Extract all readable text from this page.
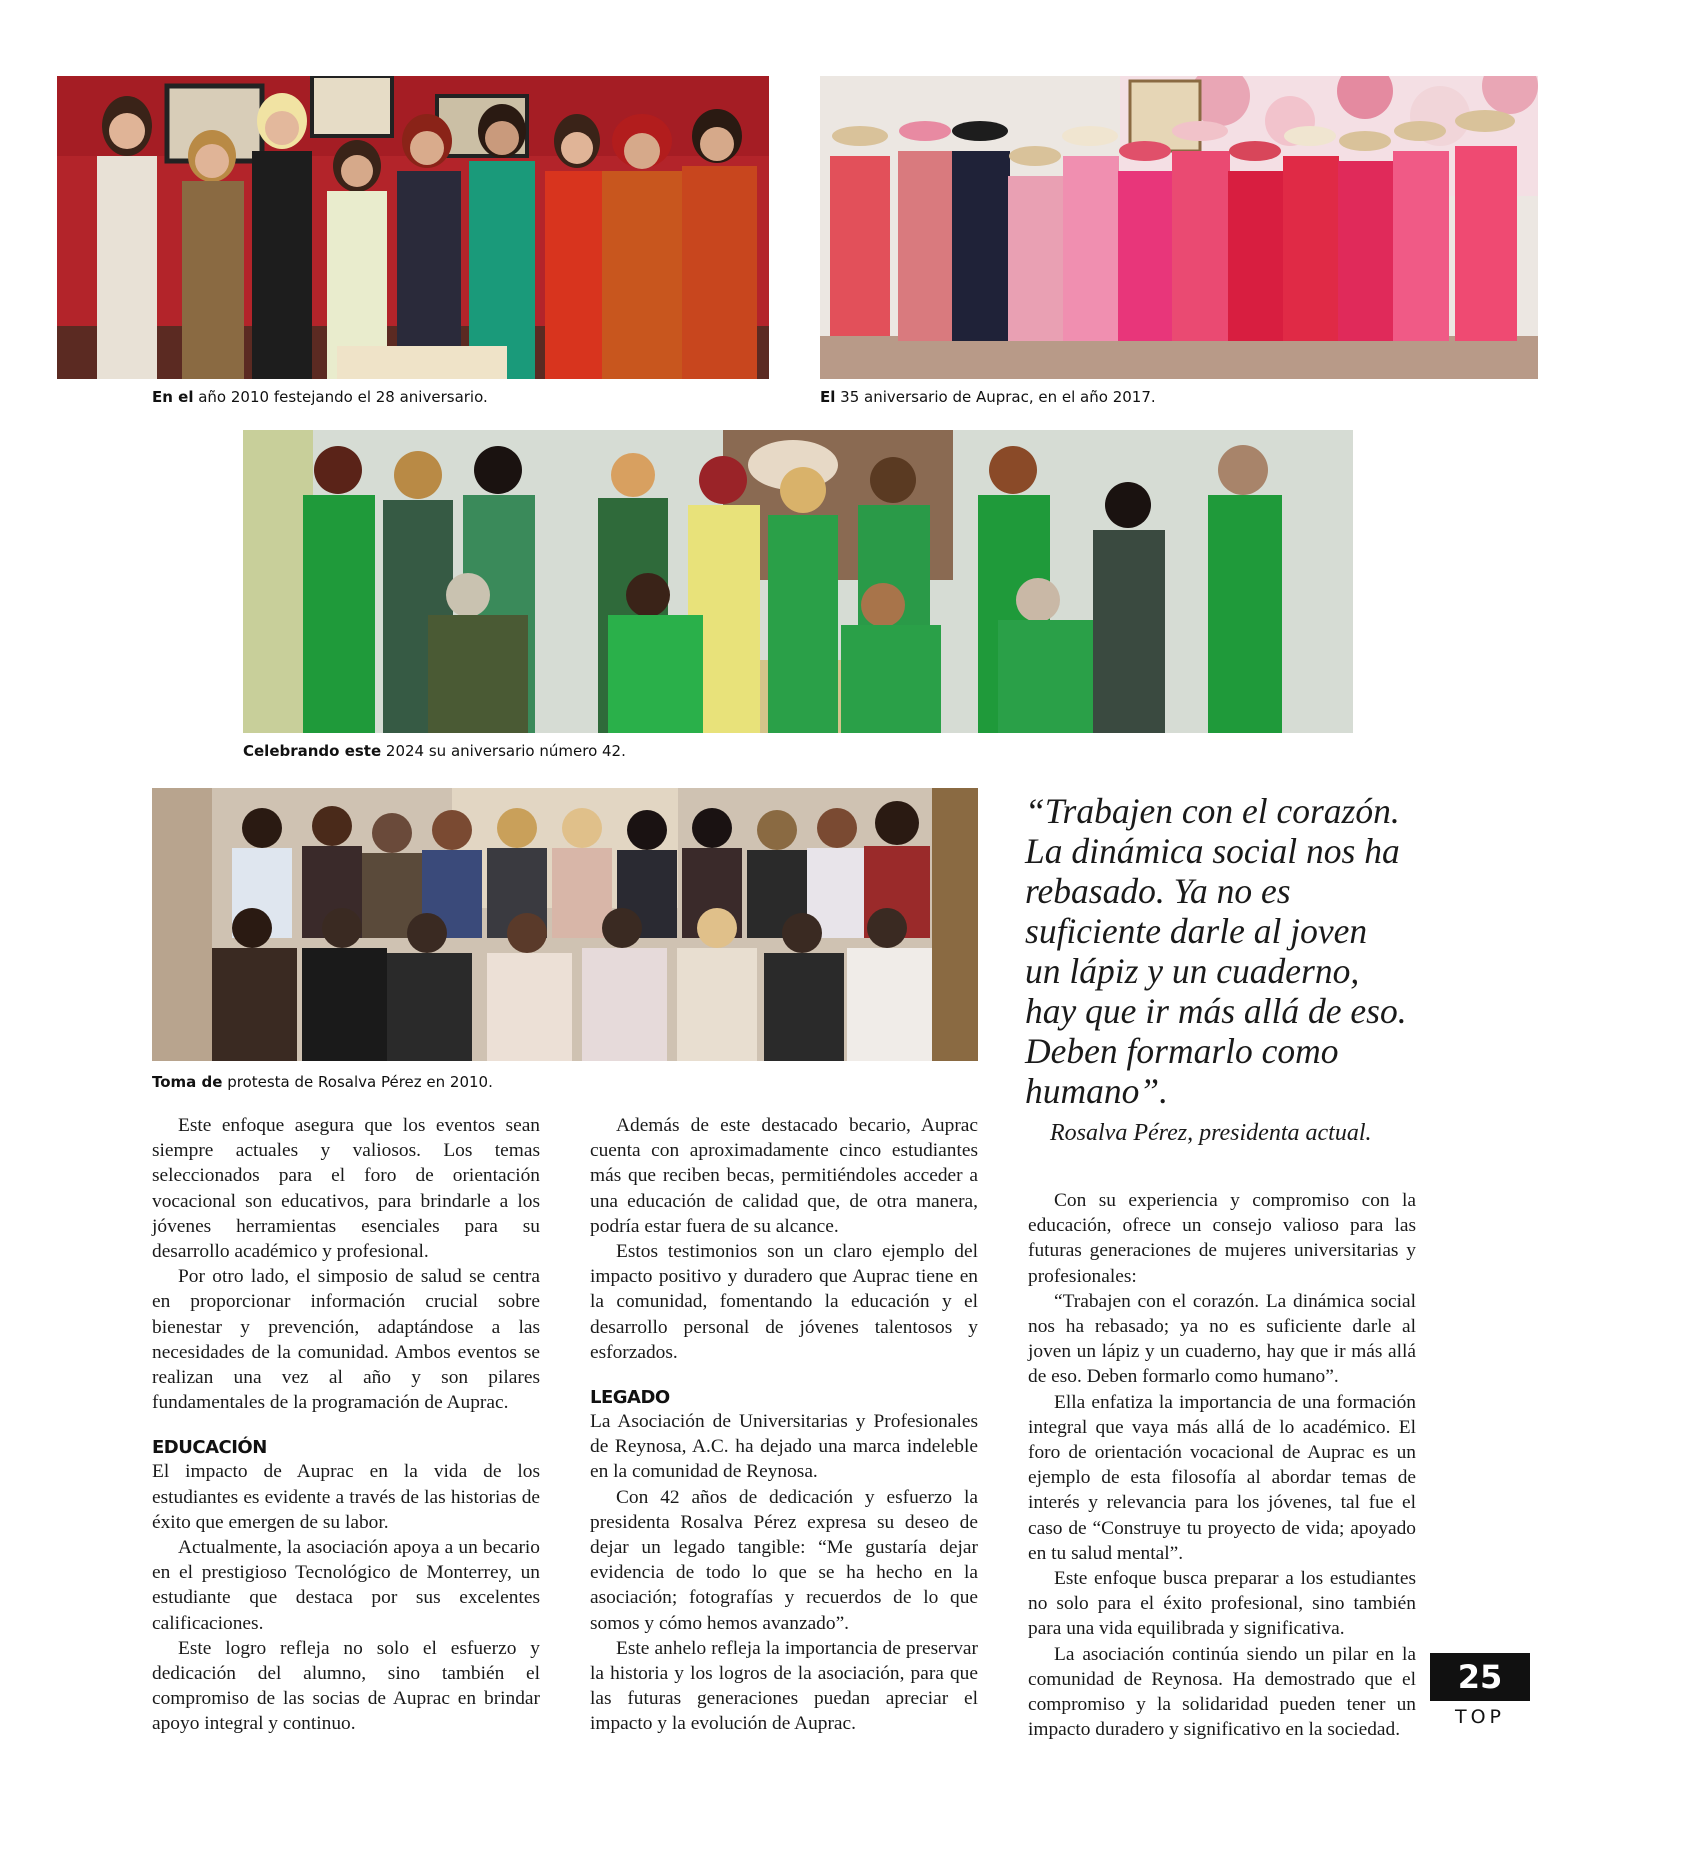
En el año 2010 festejando el 28 aniversario.	El 35 aniversario de Auprac, en el año 2017.
Celebrando este 2024 su aniversario número 42.
Toma de protesta de Rosalva Pérez en 2010.
“Trabajen con el corazón. La dinámica social nos ha rebasado. Ya no es suficiente darle al joven un lápiz y un cuaderno, hay que ir más allá de eso. Deben formarlo como humano”.
Rosalva Pérez, presidenta actual.

Este enfoque asegura que los eventos sean siempre actuales y valiosos. Los temas seleccionados para el foro de orientación vocacional son educativos, para brindarle a los jóvenes herramientas esenciales para su desarrollo académico y profesional.

Por otro lado, el simposio de salud se centra en proporcionar información crucial sobre bienestar y prevención, adaptándose a las necesidades de la comunidad. Ambos eventos se realizan una vez al año y son pilares fundamentales de la programación de Auprac.

EDUCACIÓN

El impacto de Auprac en la vida de los estudiantes es evidente a través de las historias de éxito que emergen de su labor.

Actualmente, la asociación apoya a un becario en el prestigioso Tecnológico de Monterrey, un estudiante que destaca por sus excelentes calificaciones.

Este logro refleja no solo el esfuerzo y dedicación del alumno, sino también el compromiso de las socias de Auprac en brindar apoyo integral y continuo.

Además de este destacado becario, Auprac cuenta con aproximadamente cinco estudiantes más que reciben becas, permitiéndoles acceder a una educación de calidad que, de otra manera, podría estar fuera de su alcance.

Estos testimonios son un claro ejemplo del impacto positivo y duradero que Auprac tiene en la comunidad, fomentando la educación y el desarrollo personal de jóvenes talentosos y esforzados.

LEGADO

La Asociación de Universitarias y Profesionales de Reynosa, A.C. ha dejado una marca indeleble en la comunidad de Reynosa.

Con 42 años de dedicación y esfuerzo la presidenta Rosalva Pérez expresa su deseo de dejar un legado tangible: “Me gustaría dejar evidencia de todo lo que se ha hecho en la asociación; fotografías y recuerdos de lo que somos y cómo hemos avanzado”.

Este anhelo refleja la importancia de preservar la historia y los logros de la asociación, para que las futuras generaciones puedan apreciar el impacto y la evolución de Auprac.

Con su experiencia y compromiso con la educación, ofrece un consejo valioso para las futuras generaciones de mujeres universitarias y profesionales:

“Trabajen con el corazón. La dinámica social nos ha rebasado; ya no es suficiente darle al joven un lápiz y un cuaderno, hay que ir más allá de eso. Deben formarlo como humano”.

Ella enfatiza la importancia de una formación integral que vaya más allá de lo académico. El foro de orientación vocacional de Auprac es un ejemplo de esta filosofía al abordar temas de interés y relevancia para los jóvenes, tal fue el caso de “Construye tu proyecto de vida; apoyado en tu salud mental”.

Este enfoque busca preparar a los estudiantes no solo para el éxito profesional, sino también para una vida equilibrada y significativa.

La asociación continúa siendo un pilar en la comunidad de Reynosa. Ha demostrado que el compromiso y la solidaridad pueden tener un impacto duradero y significativo en la sociedad.

25
TOP
